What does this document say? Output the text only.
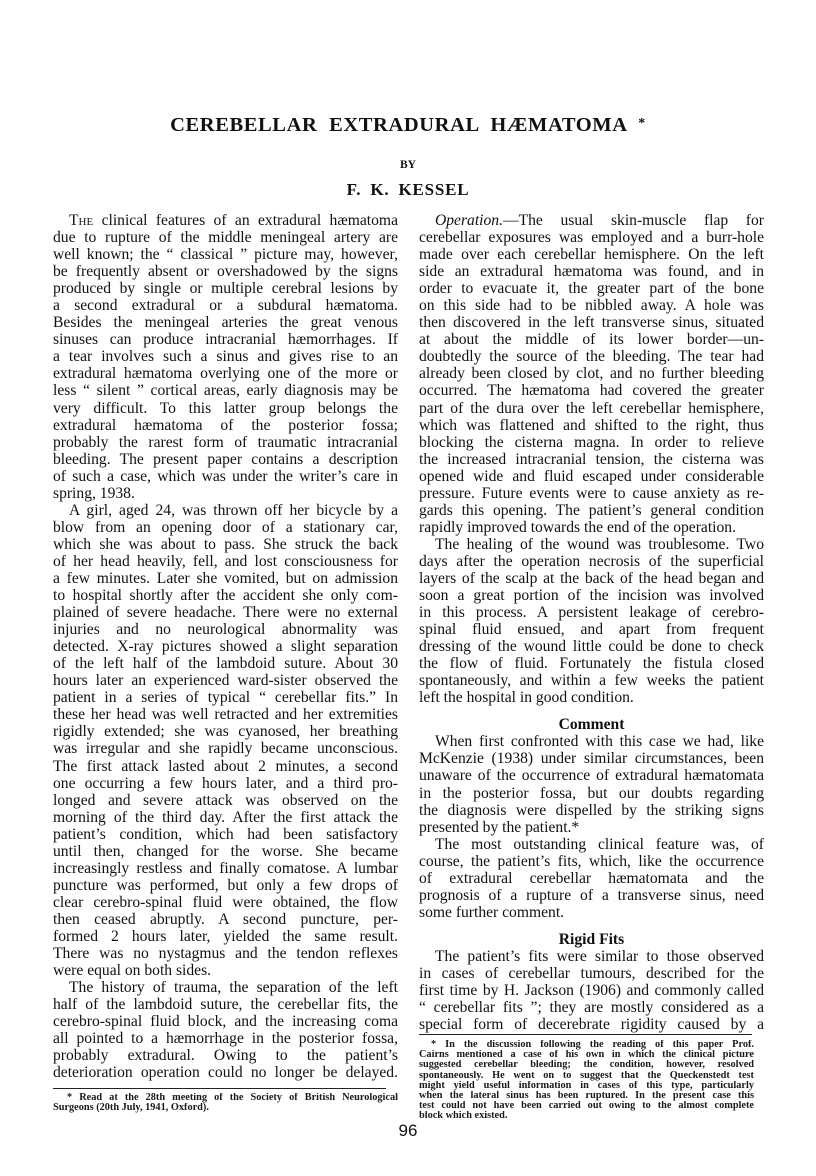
CEREBELLAR EXTRADURAL HÆMATOMA *
BY
F. K. KESSEL
The clinical features of an extradural hæmatoma
due to rupture of the middle meningeal artery are
well known; the “ classical ” picture may, however,
be frequently absent or overshadowed by the signs
produced by single or multiple cerebral lesions by
a second extradural or a subdural hæmatoma.
Besides the meningeal arteries the great venous
sinuses can produce intracranial hæmorrhages. If
a tear involves such a sinus and gives rise to an
extradural hæmatoma overlying one of the more or
less “ silent ” cortical areas, early diagnosis may be
very difficult. To this latter group belongs the
extradural hæmatoma of the posterior fossa;
probably the rarest form of traumatic intracranial
bleeding. The present paper contains a description
of such a case, which was under the writer’s care in
spring, 1938.
A girl, aged 24, was thrown off her bicycle by a
blow from an opening door of a stationary car,
which she was about to pass. She struck the back
of her head heavily, fell, and lost consciousness for
a few minutes. Later she vomited, but on admission
to hospital shortly after the accident she only com-
plained of severe headache. There were no external
injuries and no neurological abnormality was
detected. X-ray pictures showed a slight separation
of the left half of the lambdoid suture. About 30
hours later an experienced ward-sister observed the
patient in a series of typical “ cerebellar fits.” In
these her head was well retracted and her extremities
rigidly extended; she was cyanosed, her breathing
was irregular and she rapidly became unconscious.
The first attack lasted about 2 minutes, a second
one occurring a few hours later, and a third pro-
longed and severe attack was observed on the
morning of the third day. After the first attack the
patient’s condition, which had been satisfactory
until then, changed for the worse. She became
increasingly restless and finally comatose. A lumbar
puncture was performed, but only a few drops of
clear cerebro-spinal fluid were obtained, the flow
then ceased abruptly. A second puncture, per-
formed 2 hours later, yielded the same result.
There was no nystagmus and the tendon reflexes
were equal on both sides.
The history of trauma, the separation of the left
half of the lambdoid suture, the cerebellar fits, the
cerebro-spinal fluid block, and the increasing coma
all pointed to a hæmorrhage in the posterior fossa,
probably extradural. Owing to the patient’s
deterioration operation could no longer be delayed.
* Read at the 28th meeting of the Society of British Neurological
Surgeons (20th July, 1941, Oxford).
Operation.—The usual skin-muscle flap for
cerebellar exposures was employed and a burr-hole
made over each cerebellar hemisphere. On the left
side an extradural hæmatoma was found, and in
order to evacuate it, the greater part of the bone
on this side had to be nibbled away. A hole was
then discovered in the left transverse sinus, situated
at about the middle of its lower border—un-
doubtedly the source of the bleeding. The tear had
already been closed by clot, and no further bleeding
occurred. The hæmatoma had covered the greater
part of the dura over the left cerebellar hemisphere,
which was flattened and shifted to the right, thus
blocking the cisterna magna. In order to relieve
the increased intracranial tension, the cisterna was
opened wide and fluid escaped under considerable
pressure. Future events were to cause anxiety as re-
gards this opening. The patient’s general condition
rapidly improved towards the end of the operation.
The healing of the wound was troublesome. Two
days after the operation necrosis of the superficial
layers of the scalp at the back of the head began and
soon a great portion of the incision was involved
in this process. A persistent leakage of cerebro-
spinal fluid ensued, and apart from frequent
dressing of the wound little could be done to check
the flow of fluid. Fortunately the fistula closed
spontaneously, and within a few weeks the patient
left the hospital in good condition.
Comment
When first confronted with this case we had, like
McKenzie (1938) under similar circumstances, been
unaware of the occurrence of extradural hæmatomata
in the posterior fossa, but our doubts regarding
the diagnosis were dispelled by the striking signs
presented by the patient.*
The most outstanding clinical feature was, of
course, the patient’s fits, which, like the occurrence
of extradural cerebellar hæmatomata and the
prognosis of a rupture of a transverse sinus, need
some further comment.
Rigid Fits
The patient’s fits were similar to those observed
in cases of cerebellar tumours, described for the
first time by H. Jackson (1906) and commonly called
“ cerebellar fits ”; they are mostly considered as a
special form of decerebrate rigidity caused by a
* In the discussion following the reading of this paper Prof.
Cairns mentioned a case of his own in which the clinical picture
suggested cerebellar bleeding; the condition, however, resolved
spontaneously. He went on to suggest that the Queckenstedt test
might yield useful information in cases of this type, particularly
when the lateral sinus has been ruptured. In the present case this
test could not have been carried out owing to the almost complete
block which existed.
96
